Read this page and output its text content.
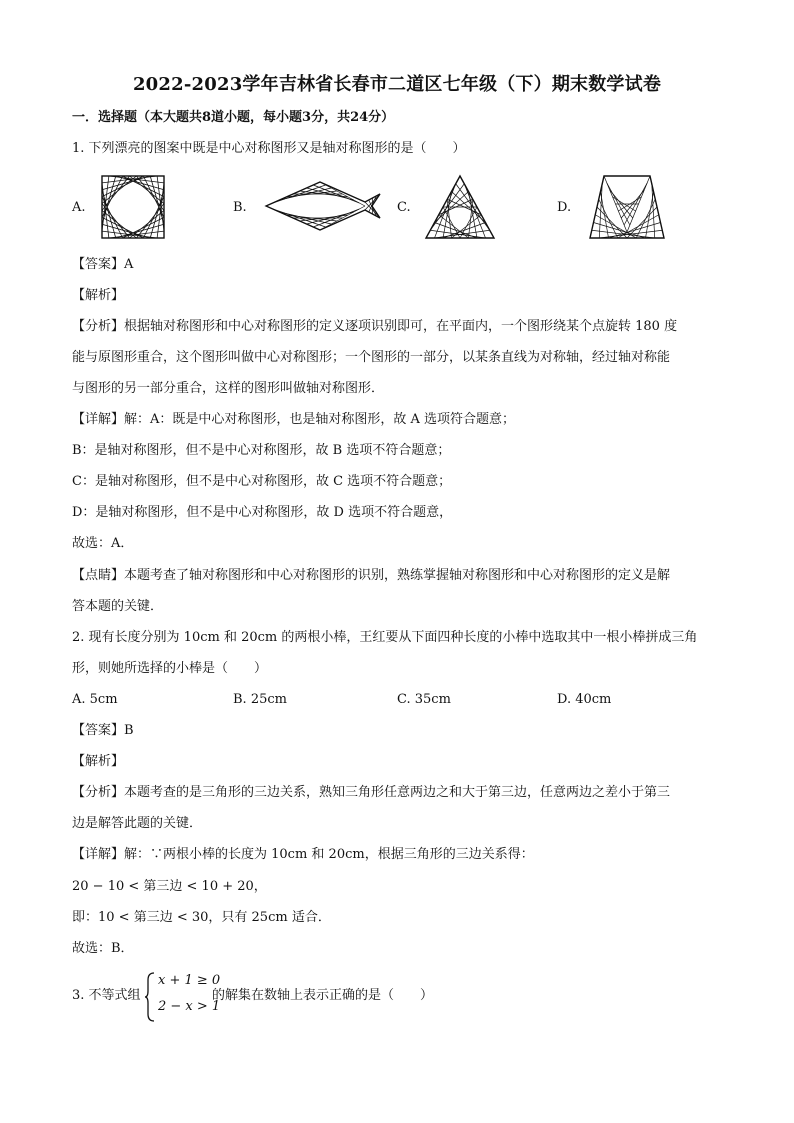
2022-2023学年吉林省长春市二道区七年级（下）期末数学试卷
一．选择题（本大题共8道小题，每小题3分，共24分）
1. 下列漂亮的图案中既是中心对称图形又是轴对称图形的是（　　）
A.	B.	C.	D.
【答案】A
【解析】
【分析】根据轴对称图形和中心对称图形的定义逐项识别即可，在平面内，一个图形绕某个点旋转 180 度
能与原图形重合，这个图形叫做中心对称图形；一个图形的一部分，以某条直线为对称轴，经过轴对称能
与图形的另一部分重合，这样的图形叫做轴对称图形．
【详解】解：A：既是中心对称图形，也是轴对称图形，故 A 选项符合题意；
B：是轴对称图形，但不是中心对称图形，故 B 选项不符合题意；
C：是轴对称图形，但不是中心对称图形，故 C 选项不符合题意；
D：是轴对称图形，但不是中心对称图形，故 D 选项不符合题意，
故选：A．
【点睛】本题考查了轴对称图形和中心对称图形的识别，熟练掌握轴对称图形和中心对称图形的定义是解
答本题的关键．
2. 现有长度分别为 10cm 和 20cm 的两根小棒，王红要从下面四种长度的小棒中选取其中一根小棒拼成三角
形，则她所选择的小棒是（　　）
A. 5cm	B. 25cm	C. 35cm	D. 40cm
【答案】B
【解析】
【分析】本题考查的是三角形的三边关系，熟知三角形任意两边之和大于第三边，任意两边之差小于第三
边是解答此题的关键．
【详解】解：∵两根小棒的长度为 10cm 和 20cm，根据三角形的三边关系得：
20 − 10 < 第三边 < 10 + 20，
即：10 < 第三边 < 30，只有 25cm 适合．
故选：B．
3. 不等式组
x + 1 ≥ 0
2 − x > 1
的解集在数轴上表示正确的是（　　）
